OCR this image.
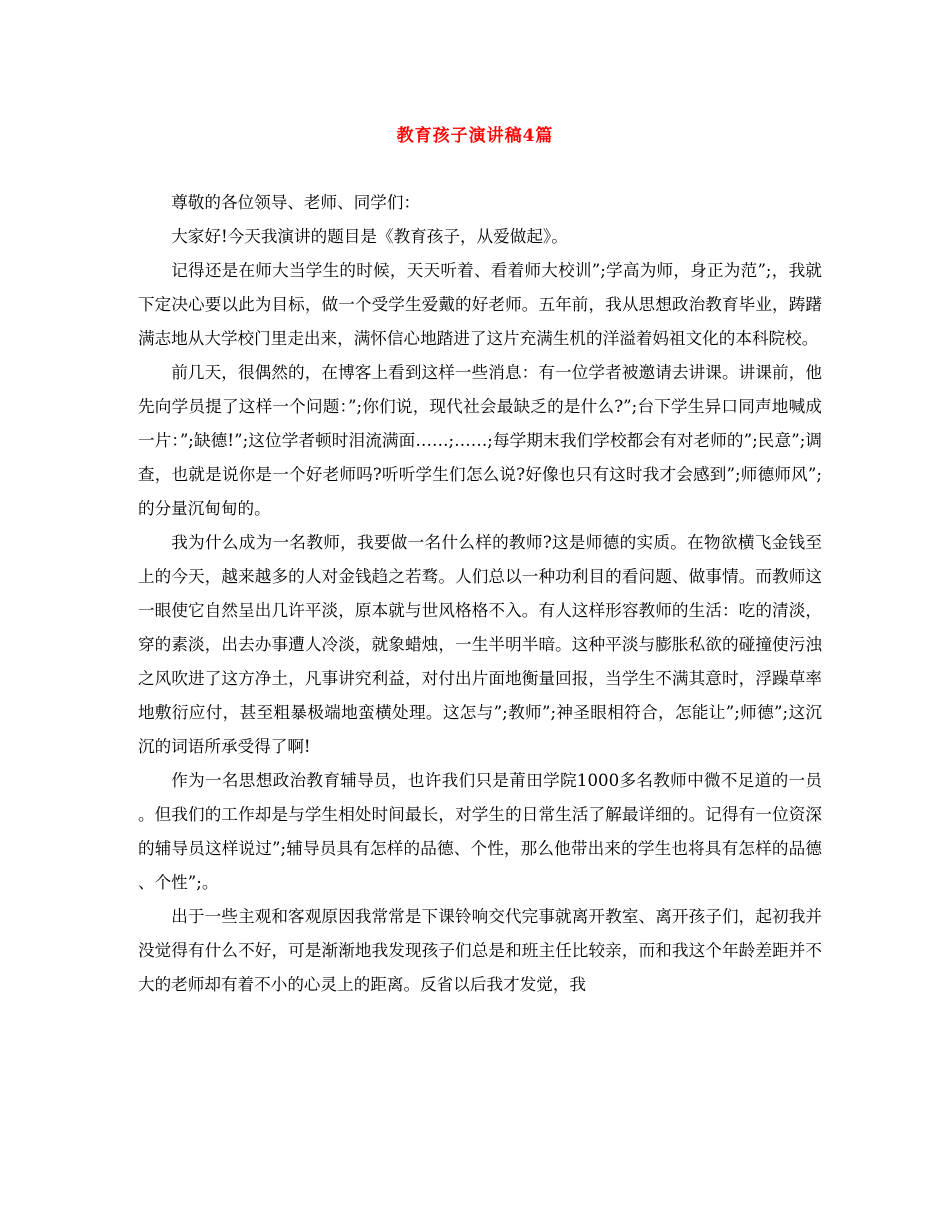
教育孩子演讲稿4篇

尊敬的各位领导、老师、同学们：

大家好!今天我演讲的题目是《教育孩子，从爱做起》。

记得还是在师大当学生的时候，天天听着、看着师大校训”;学高为师，身正为范”;，我就下定决心要以此为目标，做一个受学生爱戴的好老师。五年前，我从思想政治教育毕业，踌躇满志地从大学校门里走出来，满怀信心地踏进了这片充满生机的洋溢着妈祖文化的本科院校。

前几天，很偶然的，在博客上看到这样一些消息：有一位学者被邀请去讲课。讲课前，他先向学员提了这样一个问题：”;你们说，现代社会最缺乏的是什么?”;台下学生异口同声地喊成一片：”;缺德!”;这位学者顿时泪流满面……;……;每学期末我们学校都会有对老师的”;民意”;调查，也就是说你是一个好老师吗?听听学生们怎么说?好像也只有这时我才会感到”;师德师风”;的分量沉甸甸的。

我为什么成为一名教师，我要做一名什么样的教师?这是师德的实质。在物欲横飞金钱至上的今天，越来越多的人对金钱趋之若骛。人们总以一种功利目的看问题、做事情。而教师这一眼使它自然呈出几许平淡，原本就与世风格格不入。有人这样形容教师的生活：吃的清淡，穿的素淡，出去办事遭人冷淡，就象蜡烛，一生半明半暗。这种平淡与膨胀私欲的碰撞使污浊之风吹进了这方净土，凡事讲究利益，对付出片面地衡量回报，当学生不满其意时，浮躁草率地敷衍应付，甚至粗暴极端地蛮横处理。这怎与”;教师”;神圣眼相符合，怎能让”;师德”;这沉沉的词语所承受得了啊!

作为一名思想政治教育辅导员，也许我们只是莆田学院1000多名教师中微不足道的一员。但我们的工作却是与学生相处时间最长，对学生的日常生活了解最详细的。记得有一位资深的辅导员这样说过”;辅导员具有怎样的品德、个性，那么他带出来的学生也将具有怎样的品德、个性”;。

出于一些主观和客观原因我常常是下课铃响交代完事就离开教室、离开孩子们，起初我并没觉得有什么不好，可是渐渐地我发现孩子们总是和班主任比较亲，而和我这个年龄差距并不大的老师却有着不小的心灵上的距离。反省以后我才发觉，我
